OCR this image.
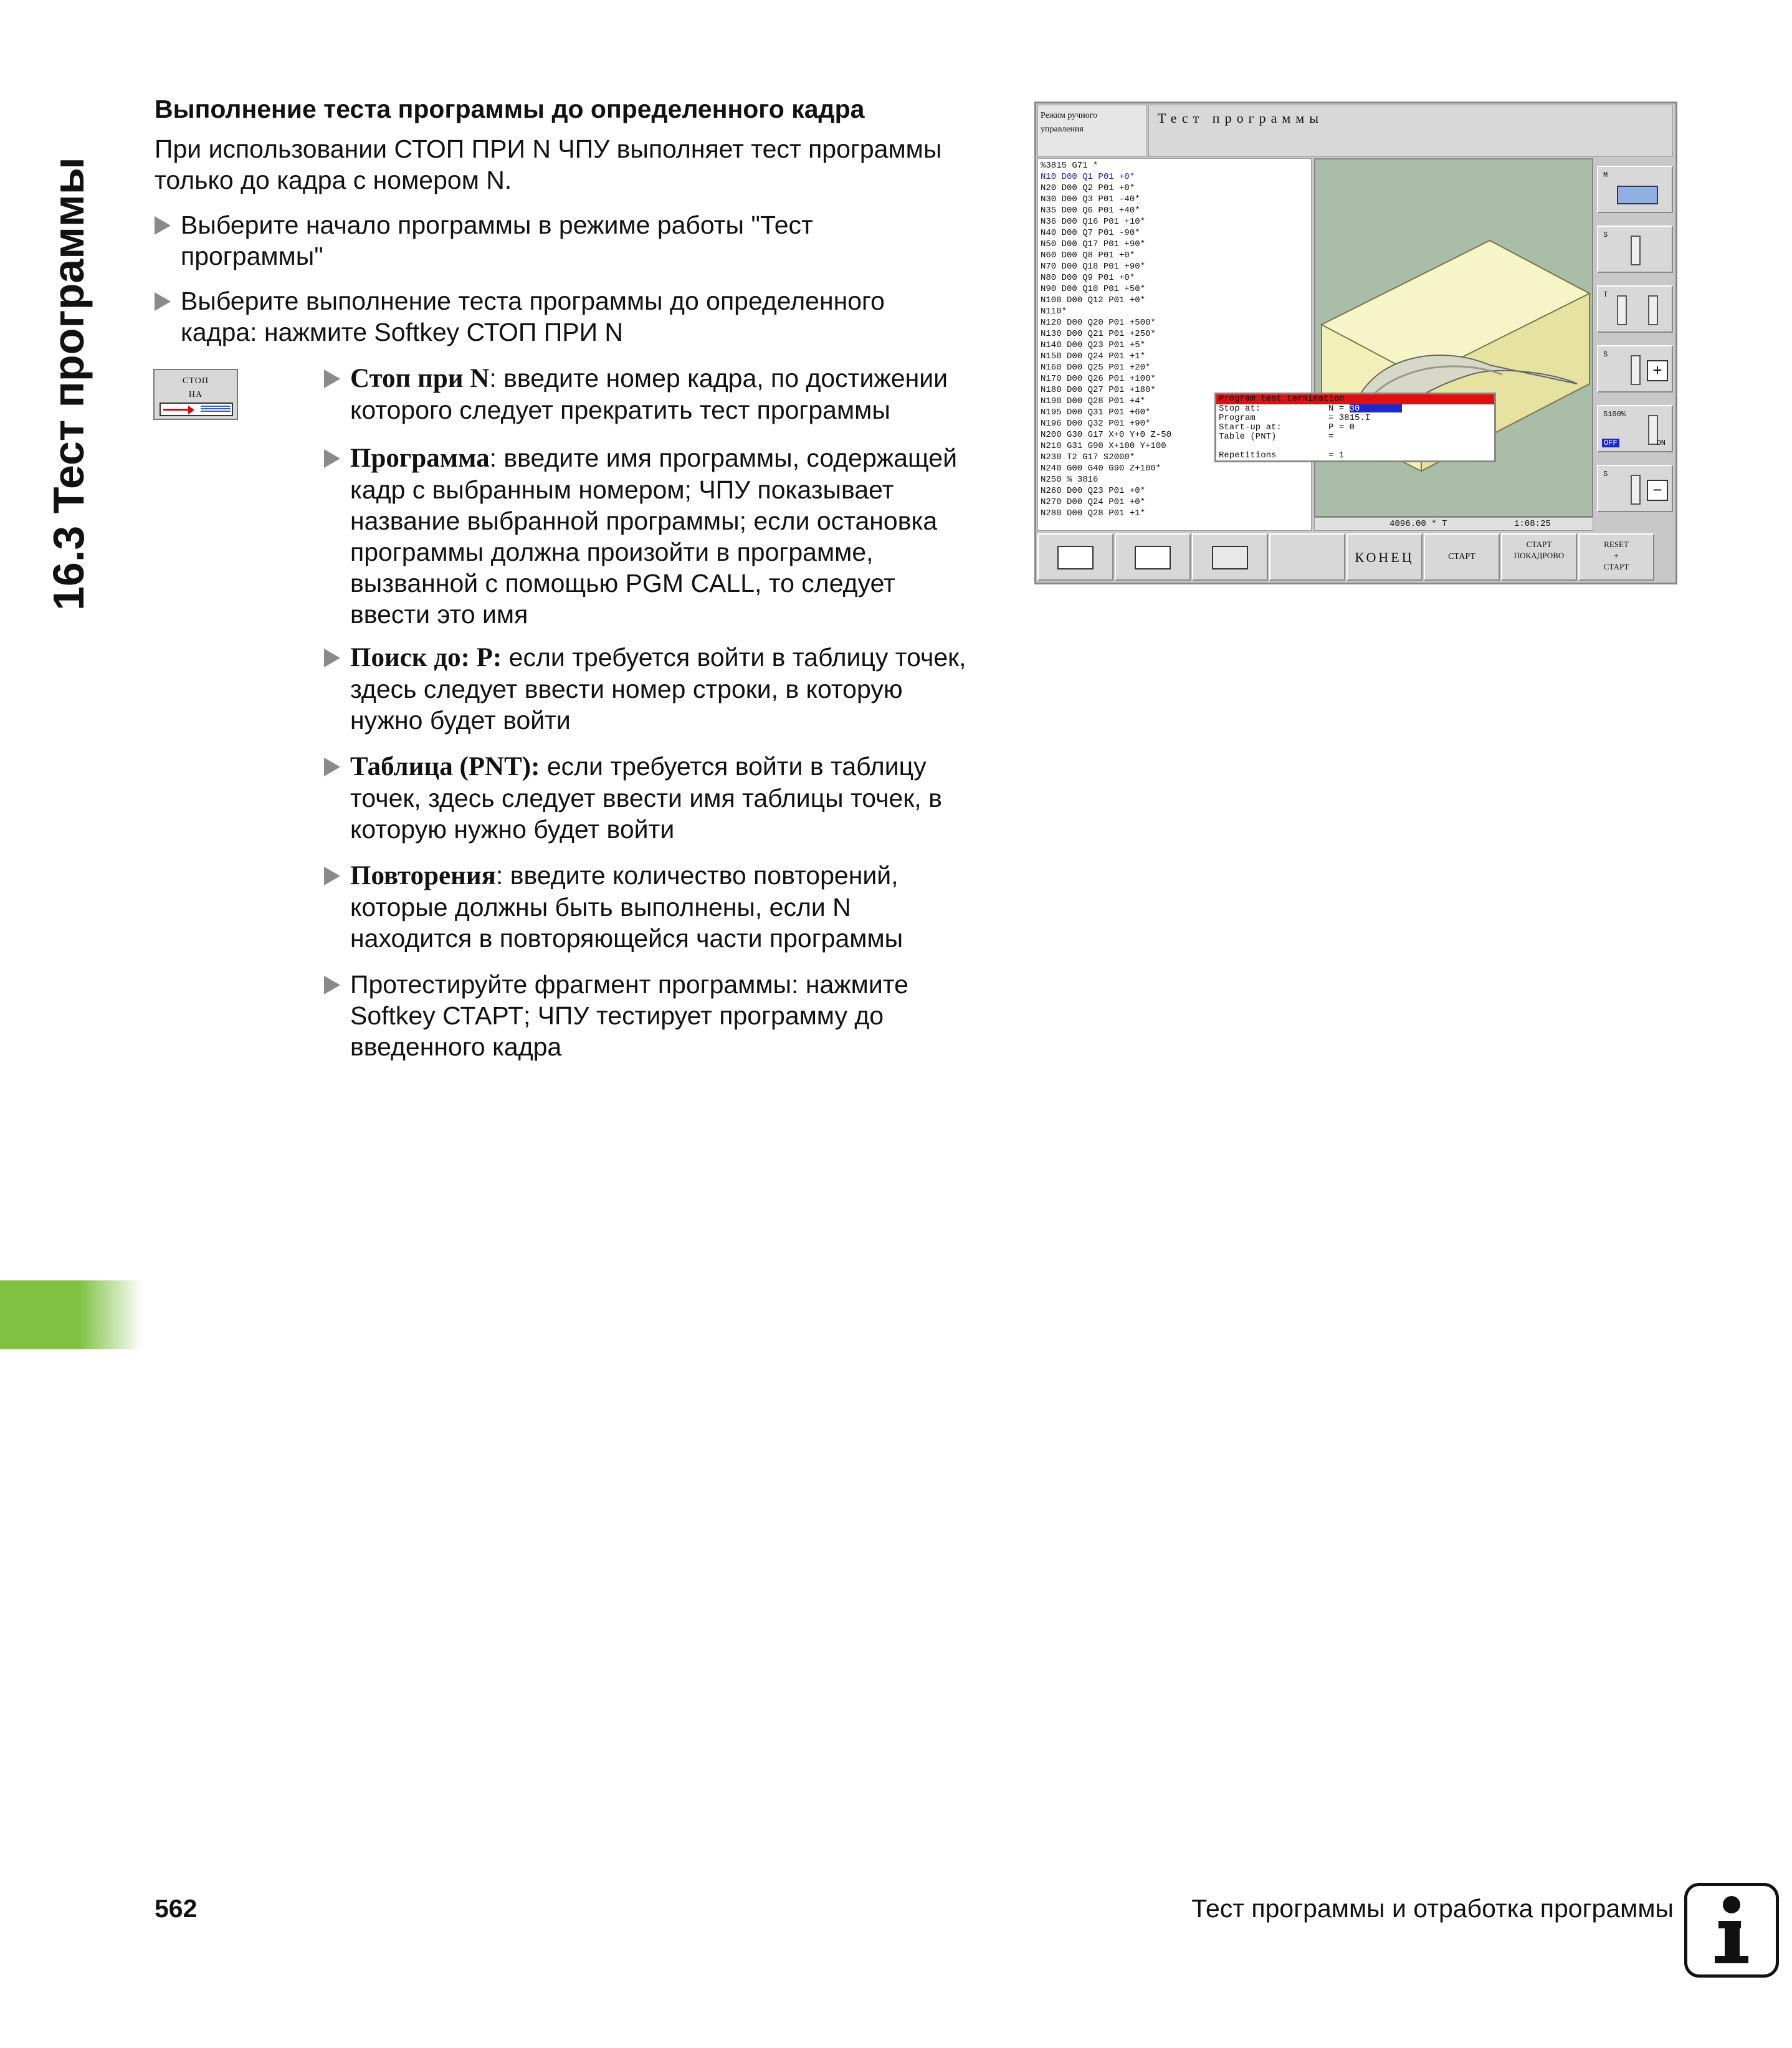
16.3 Тест программы
Выполнение теста программы до определенного кадра
При использовании СТОП ПРИ N ЧПУ выполняет тест программы
только до кадра с номером N.
Выберите начало программы в режиме работы "Тест
программы"
Выберите выполнение теста программы до определенного
кадра: нажмите Softkey СТОП ПРИ N
СТОП
НА
Стоп при N: введите номер кадра, по достижении
которого следует прекратить тест программы
Программа: введите имя программы, содержащей
кадр с выбранным номером; ЧПУ показывает
название выбранной программы; если остановка
программы должна произойти в программе,
вызванной с помощью PGM CALL, то следует
ввести это имя
Поиск до: P: если требуется войти в таблицу точек,
здесь следует ввести номер строки, в которую
нужно будет войти
Таблица (PNT): если требуется войти в таблицу
точек, здесь следует ввести имя таблицы точек, в
которую нужно будет войти
Повторения: введите количество повторений,
которые должны быть выполнены, если N
находится в повторяющейся части программы
Протестируйте фрагмент программы: нажмите
Softkey СТАРТ; ЧПУ тестирует программу до
введенного кадра
Режим ручного
управления
Тест программы
%3815 G71 *
N10 D00 Q1 P01 +0*
N20 D00 Q2 P01 +0*
N30 D00 Q3 P01 -40*
N35 D00 Q6 P01 +40*
N36 D00 Q16 P01 +10*
N40 D00 Q7 P01 -90*
N50 D00 Q17 P01 +90*
N60 D00 Q8 P01 +0*
N70 D00 Q18 P01 +90*
N80 D00 Q9 P01 +0*
N90 D00 Q10 P01 +50*
N100 D00 Q12 P01 +0*
N110*
N120 D00 Q20 P01 +500*
N130 D00 Q21 P01 +250*
N140 D00 Q23 P01 +5*
N150 D00 Q24 P01 +1*
N160 D00 Q25 P01 +20*
N170 D00 Q26 P01 +100*
N180 D00 Q27 P01 +180*
N190 D00 Q28 P01 +4*
N195 D00 Q31 P01 +60*
N196 D00 Q32 P01 +90*
N200 G30 G17 X+0 Y+0 Z-50
N210 G31 G90 X+100 Y+100
N230 T2 G17 S2000*
N240 G00 G40 G90 Z+100*
N250 % 3816
N260 D00 Q23 P01 +0*
N270 D00 Q24 P01 +0*
N280 D00 Q28 P01 +1*
4096.00 * T	1:08:25
Program test termination
Stop at:	N = 30
Program	= 3815.I
Start-up at:	P = 0
Table (PNT)	=
Repetitions	= 1
M
S
T
S
+
S100%
OFF	ON
S
−
КОНЕЦ	СТАРТ
СТАРТ
ПОКАДРОВО
RESET
+
СТАРТ
562	Тест программы и отработка программы
